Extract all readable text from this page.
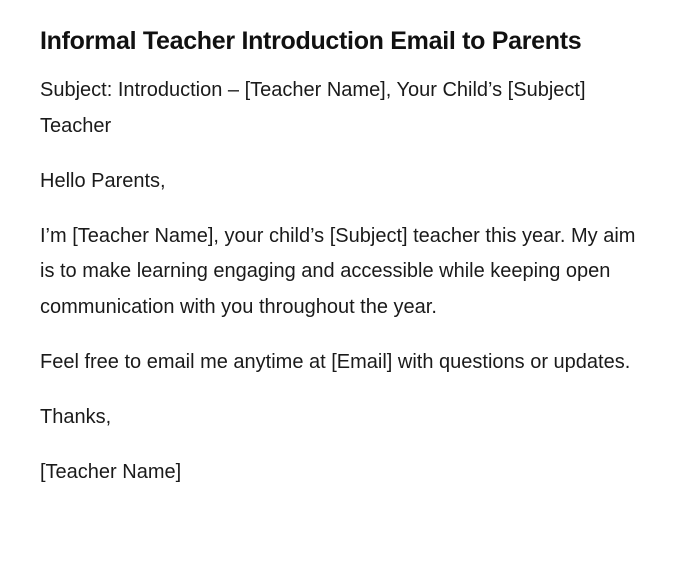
Informal Teacher Introduction Email to Parents

Subject: Introduction – [Teacher Name], Your Child’s [Subject] Teacher

Hello Parents,

I’m [Teacher Name], your child’s [Subject] teacher this year. My aim is to make learning engaging and accessible while keeping open communication with you throughout the year.

Feel free to email me anytime at [Email] with questions or updates.

Thanks,

[Teacher Name]
